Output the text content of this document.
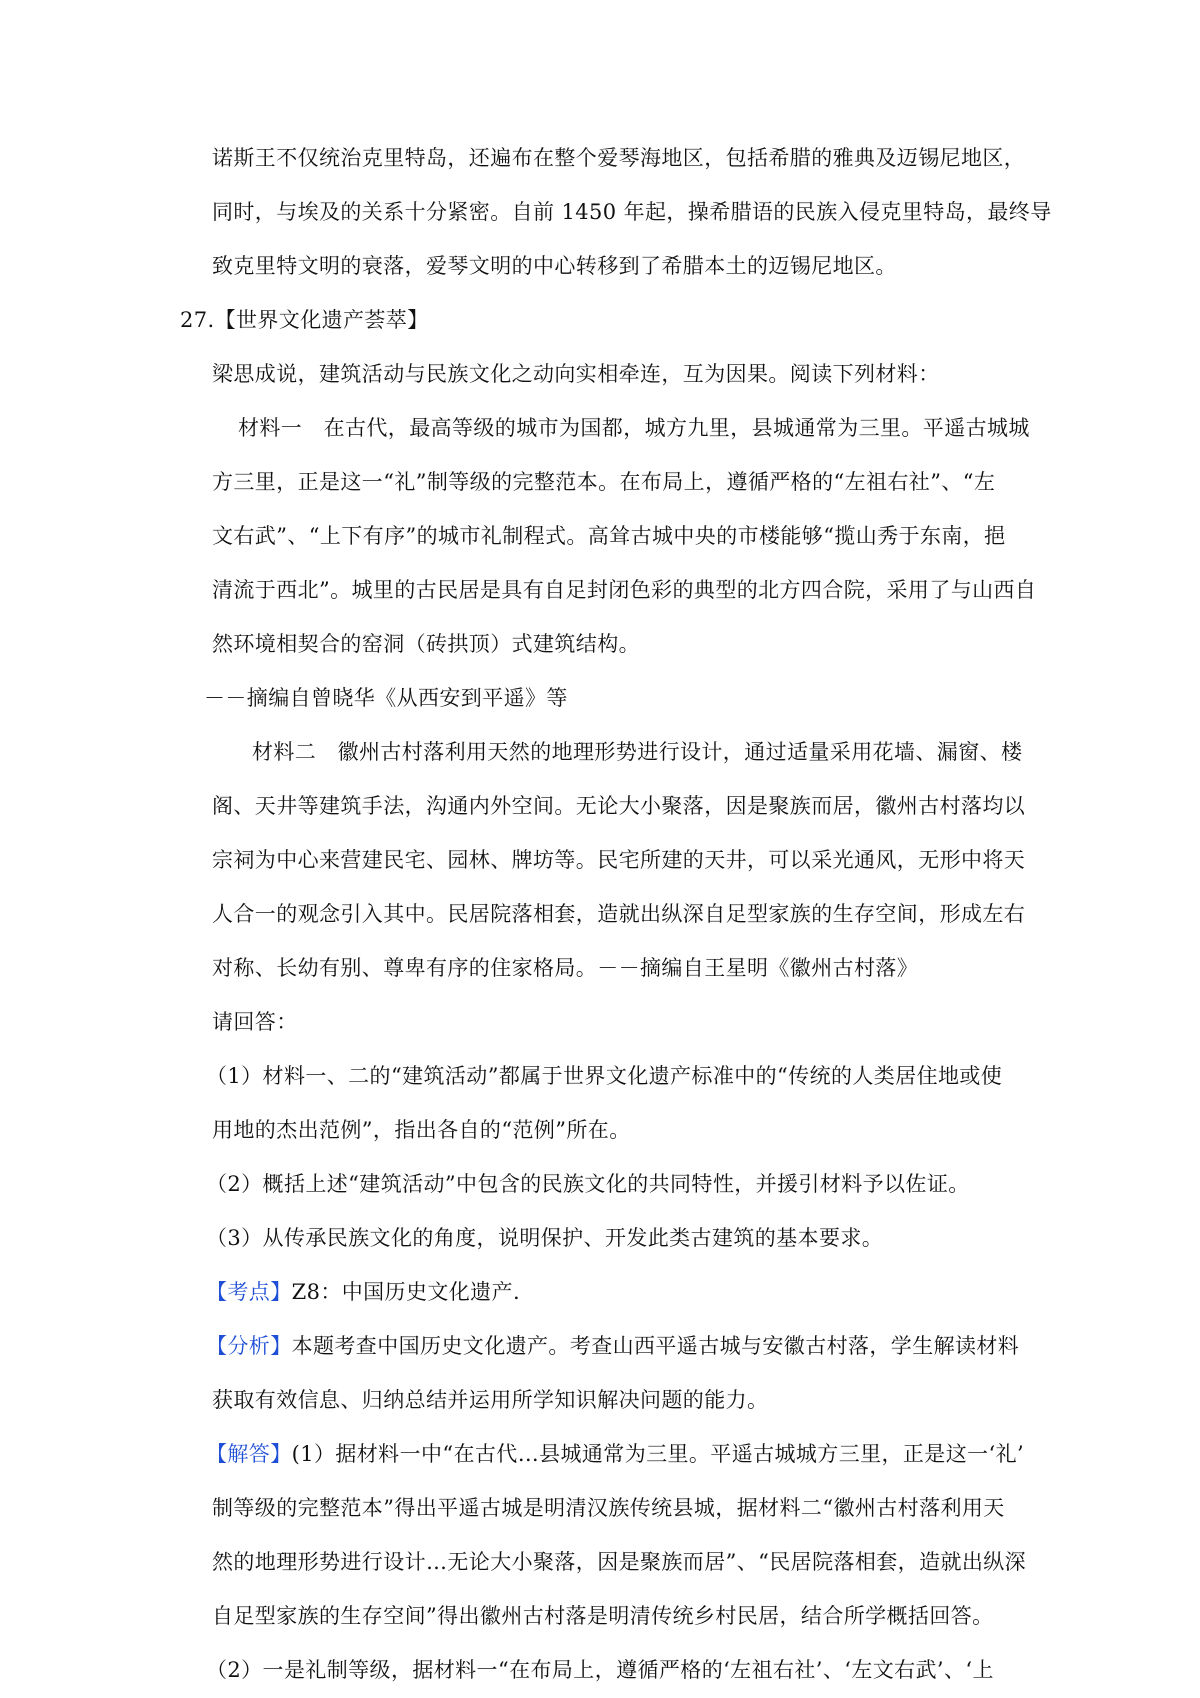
诺斯王不仅统治克里特岛，还遍布在整个爱琴海地区，包括希腊的雅典及迈锡尼地区，
同时，与埃及的关系十分紧密。自前 1450 年起，操希腊语的民族入侵克里特岛，最终导
致克里特文明的衰落，爱琴文明的中心转移到了希腊本土的迈锡尼地区。
27.【世界文化遗产荟萃】
梁思成说，建筑活动与民族文化之动向实相牵连，互为因果。阅读下列材料：
材料一　在古代，最高等级的城市为国都，城方九里，县城通常为三里。平遥古城城
方三里，正是这一“礼”制等级的完整范本。在布局上，遵循严格的“左祖右社”、“左
文右武”、“上下有序”的城市礼制程式。高耸古城中央的市楼能够“揽山秀于东南，挹
清流于西北”。城里的古民居是具有自足封闭色彩的典型的北方四合院，采用了与山西自
然环境相契合的窑洞（砖拱顶）式建筑结构。
－－摘编自曾晓华《从西安到平遥》等
材料二　徽州古村落利用天然的地理形势进行设计，通过适量采用花墙、漏窗、楼
阁、天井等建筑手法，沟通内外空间。无论大小聚落，因是聚族而居，徽州古村落均以
宗祠为中心来营建民宅、园林、牌坊等。民宅所建的天井，可以采光通风，无形中将天
人合一的观念引入其中。民居院落相套，造就出纵深自足型家族的生存空间，形成左右
对称、长幼有别、尊卑有序的住家格局。－－摘编自王星明《徽州古村落》
请回答：
（1）材料一、二的“建筑活动”都属于世界文化遗产标准中的“传统的人类居住地或使
用地的杰出范例”，指出各自的“范例”所在。
（2）概括上述“建筑活动”中包含的民族文化的共同特性，并援引材料予以佐证。
（3）从传承民族文化的角度，说明保护、开发此类古建筑的基本要求。
【考点】Z8：中国历史文化遗产.
【分析】本题考查中国历史文化遗产。考查山西平遥古城与安徽古村落，学生解读材料
获取有效信息、归纳总结并运用所学知识解决问题的能力。
【解答】(1）据材料一中“在古代…县城通常为三里。平遥古城城方三里，正是这一‘礼’
制等级的完整范本”得出平遥古城是明清汉族传统县城，据材料二“徽州古村落利用天
然的地理形势进行设计…无论大小聚落，因是聚族而居”、“民居院落相套，造就出纵深
自足型家族的生存空间”得出徽州古村落是明清传统乡村民居，结合所学概括回答。
（2）一是礼制等级，据材料一“在布局上，遵循严格的‘左祖右社’、‘左文右武’、‘上
